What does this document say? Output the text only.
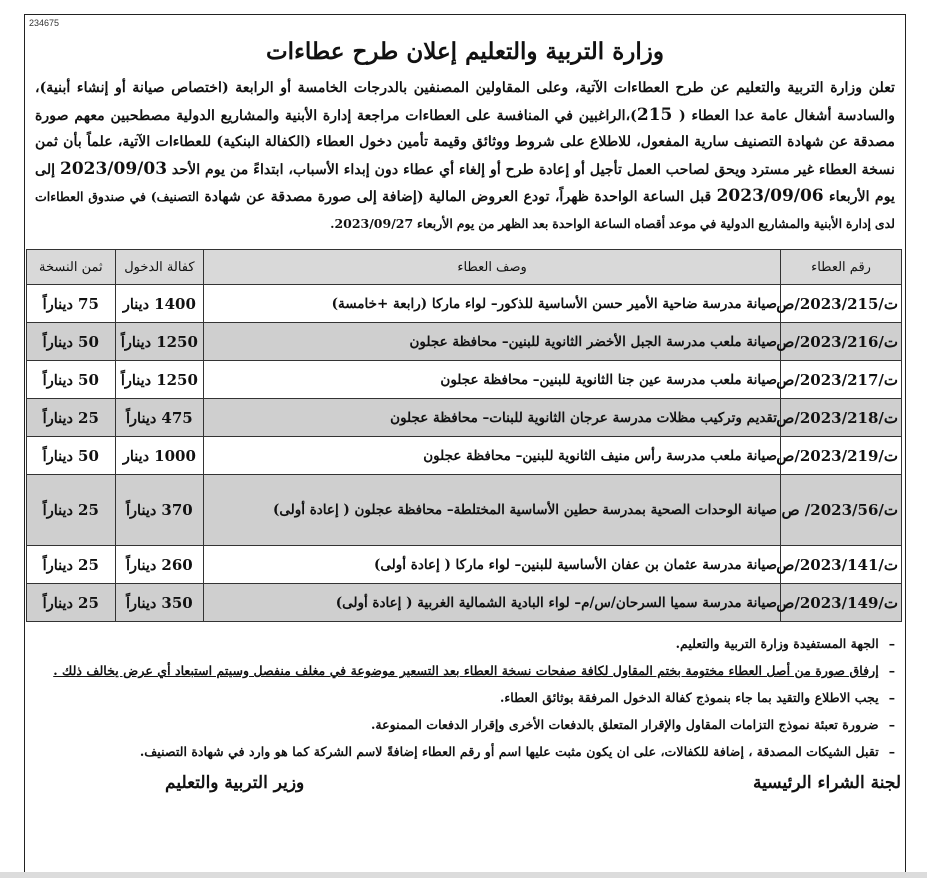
234675
وزارة التربية والتعليم إعلان طرح عطاءات
تعلن وزارة التربية والتعليم عن طرح العطاءات الآتية، وعلى المقاولين المصنفين بالدرجات الخامسة أو الرابعة (اختصاص صيانة أو إنشاء أبنية)، والسادسة أشغال عامة عدا العطاء ( 215)،الراغبين في المنافسة على العطاءات مراجعة إدارة الأبنية والمشاريع الدولية مصطحبين معهم صورة مصدقة عن شهادة التصنيف سارية المفعول، للاطلاع على شروط ووثائق وقيمة تأمين دخول العطاء (الكفالة البنكية) للعطاءات الآتية، علماً بأن ثمن نسخة العطاء غير مسترد ويحق لصاحب العمل تأجيل أو إعادة طرح أو إلغاء أي عطاء دون إبداء الأسباب، ابتداءً من يوم الأحد 2023/09/03 إلى يوم الأربعاء 2023/09/06 قبل الساعة الواحدة ظهراً، تودع العروض المالية (إضافة إلى صورة مصدقة عن شهادة التصنيف) في صندوق العطاءات لدى إدارة الأبنية والمشاريع الدولية في موعد أقصاه الساعة الواحدة بعد الظهر من يوم الأربعاء 2023/09/27.
رقم العطاء	وصف العطاء	كفالة الدخول	ثمن النسخة
ت/2023/215/ص	صيانة مدرسة ضاحية الأمير حسن الأساسية للذكور– لواء ماركا (رابعة +خامسة)	1400 دينار	75 ديناراً
ت/2023/216/ص	صيانة ملعب مدرسة الجبل الأخضر الثانوية للبنين– محافظة عجلون	1250 ديناراً	50 ديناراً
ت/2023/217/ص	صيانة ملعب مدرسة عين جنا الثانوية للبنين– محافظة عجلون	1250 ديناراً	50 ديناراً
ت/2023/218/ص	تقديم وتركيب مظلات مدرسة عرجان الثانوية للبنات– محافظة عجلون	475 ديناراً	25 ديناراً
ت/2023/219/ص	صيانة ملعب مدرسة رأس منيف الثانوية للبنين– محافظة عجلون	1000 دينار	50 ديناراً
ت/2023/56/ ص	صيانة الوحدات الصحية بمدرسة حطين الأساسية المختلطة– محافظة عجلون ( إعادة أولى)	370 ديناراً	25 ديناراً
ت/2023/141/ص	صيانة مدرسة عثمان بن عفان الأساسية للبنين– لواء ماركا ( إعادة أولى)	260 ديناراً	25 ديناراً
ت/2023/149/ص	صيانة مدرسة سميا السرحان/س/م– لواء البادية الشمالية الغربية ( إعادة أولى)	350 ديناراً	25 ديناراً
– الجهة المستفيدة وزارة التربية والتعليم.
– إرفاق صورة من أصل العطاء مختومة بختم المقاول لكافة صفحات نسخة العطاء بعد التسعير موضوعة في مغلف منفصل وسيتم استبعاد أي عرض يخالف ذلك .
– يجب الاطلاع والتقيد بما جاء بنموذج كفالة الدخول المرفقة بوثائق العطاء.
– ضرورة تعبئة نموذج التزامات المقاول والإقرار المتعلق بالدفعات الأخرى وإقرار الدفعات الممنوعة.
– تقبل الشيكات المصدقة ، إضافة للكفالات، على ان يكون مثبت عليها اسم أو رقم العطاء إضافةً لاسم الشركة كما هو وارد في شهادة التصنيف.
لجنة الشراء الرئيسية
وزير التربية والتعليم
